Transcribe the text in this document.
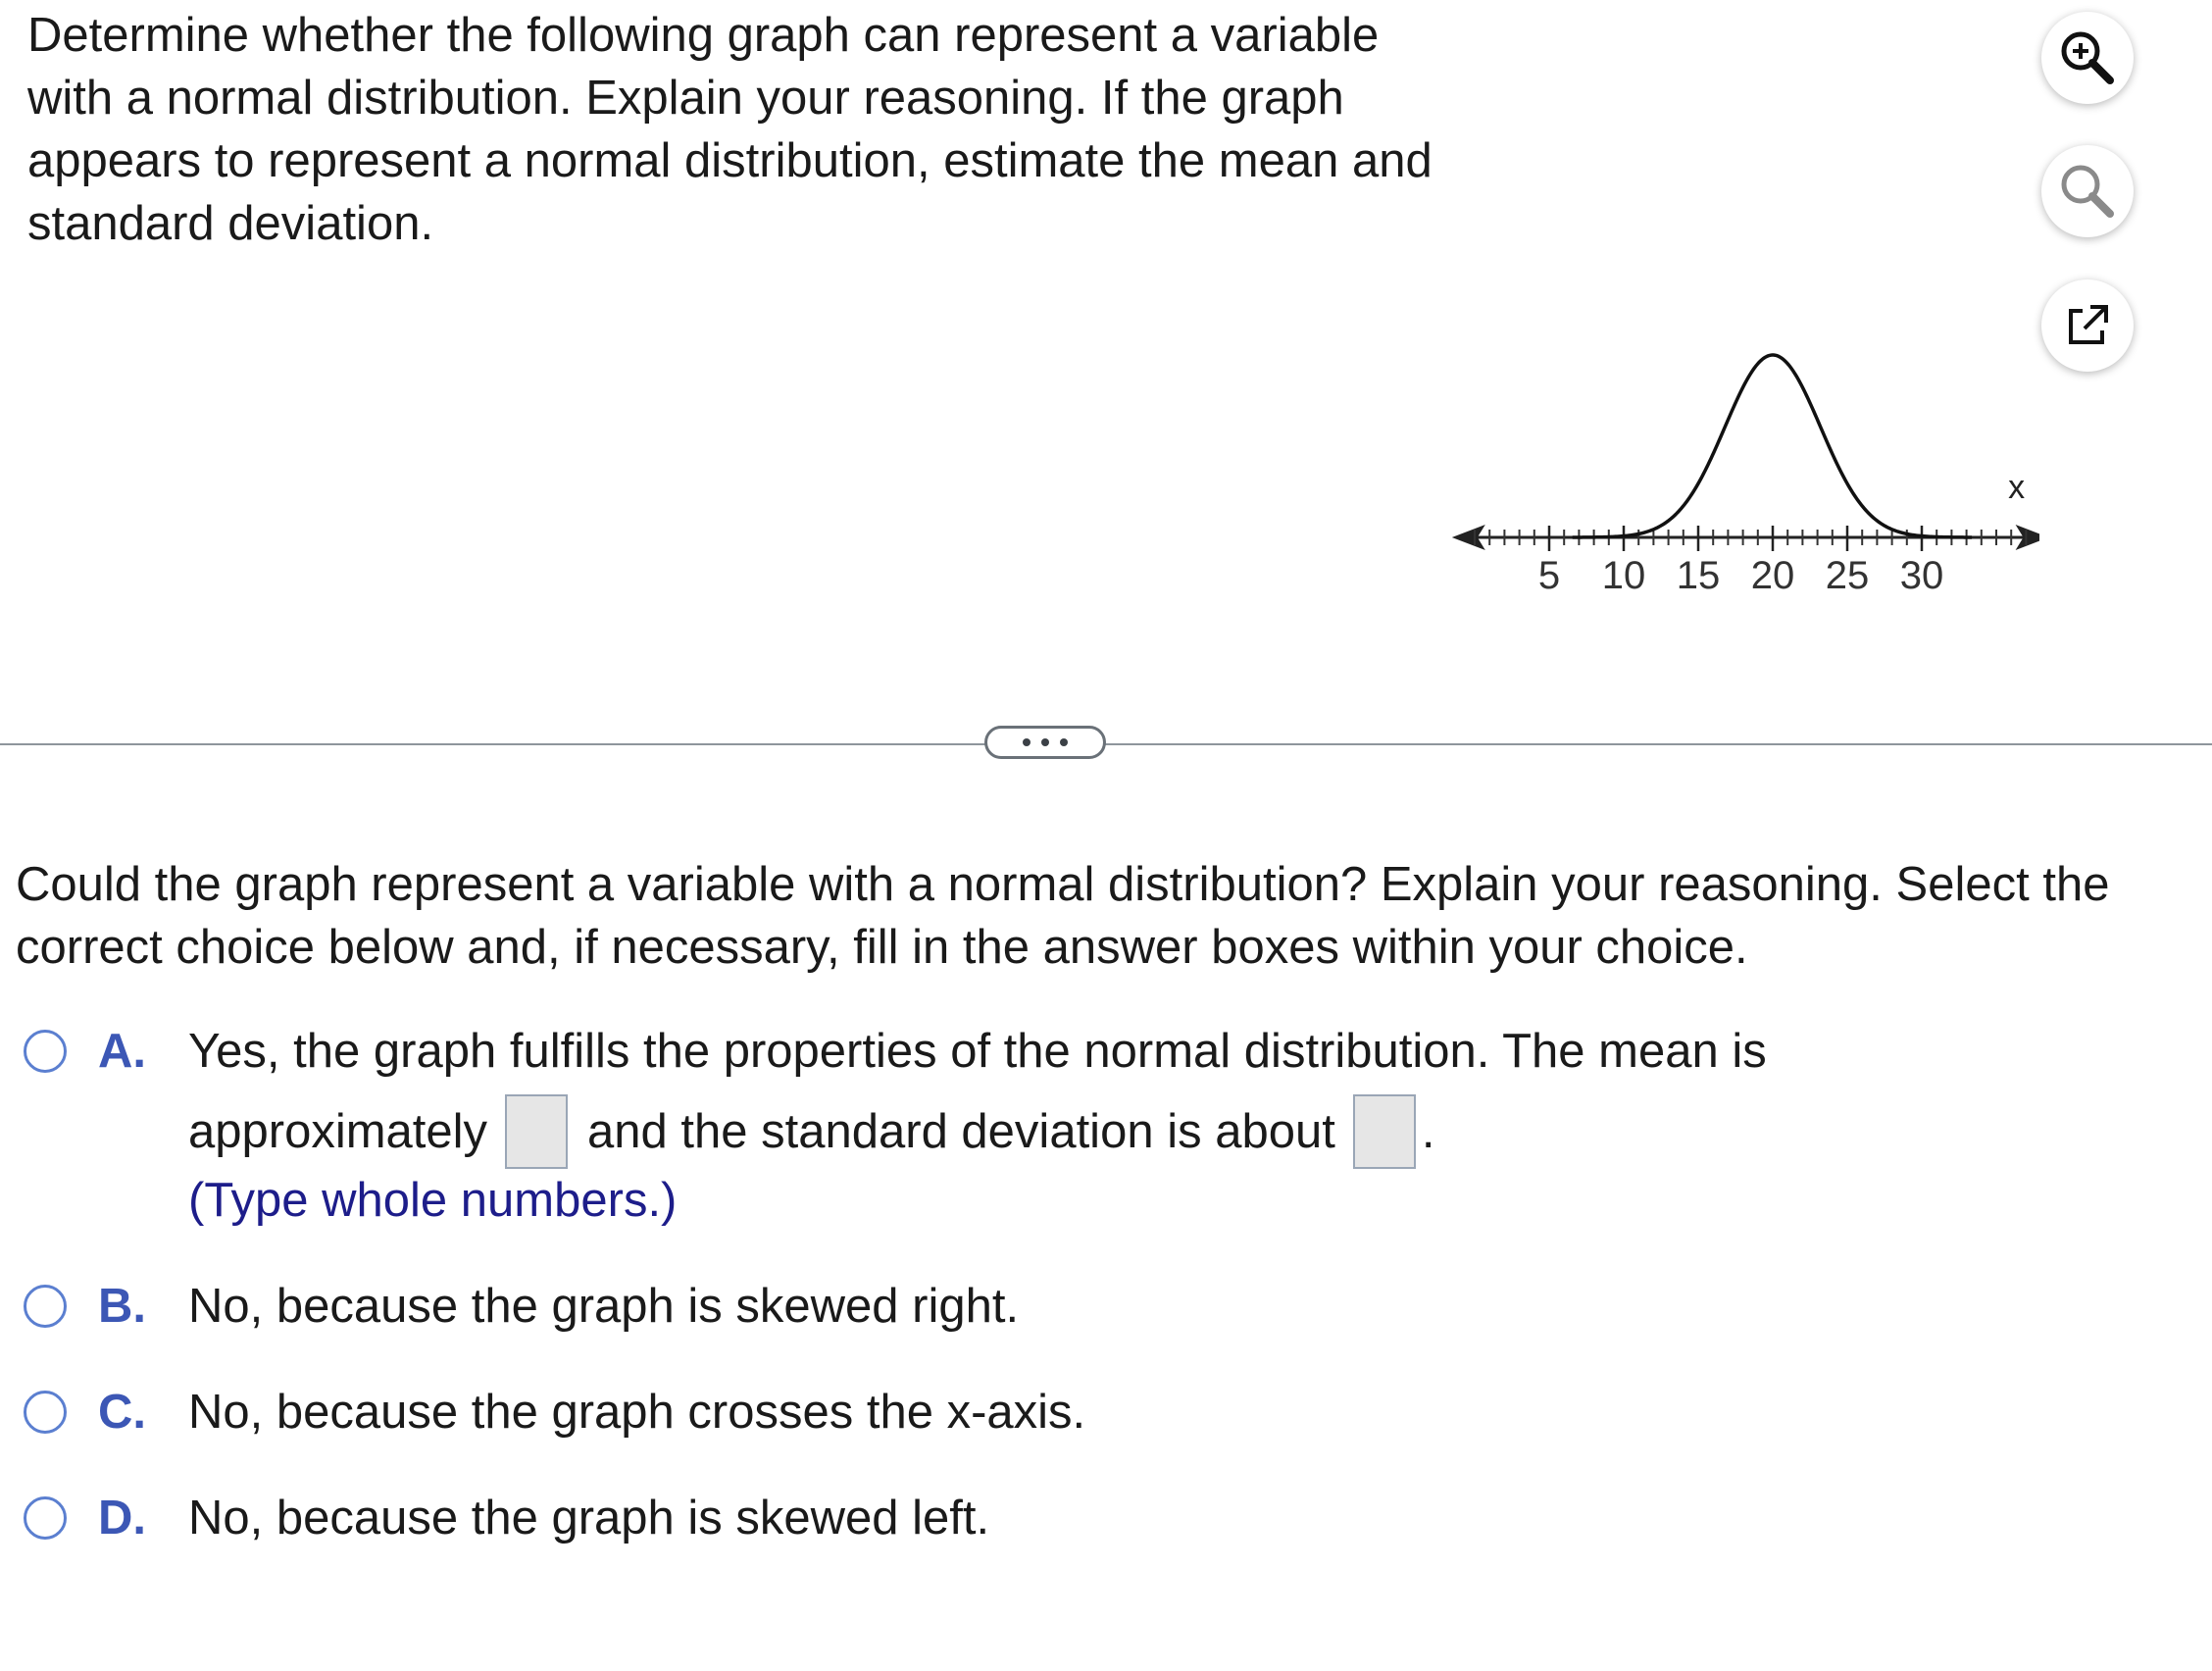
Determine whether the following graph can represent a variable with a normal distribution. Explain your reasoning. If the graph appears to represent a normal distribution, estimate the mean and standard deviation.

5 10 15 20 25 30
x

Could the graph represent a variable with a normal distribution? Explain your reasoning. Select the correct choice below and, if necessary, fill in the answer boxes within your choice.

A. Yes, the graph fulfills the properties of the normal distribution. The mean is
approximately and the standard deviation is about .
(Type whole numbers.)
B. No, because the graph is skewed right.
C. No, because the graph crosses the x-axis.
D. No, because the graph is skewed left.
